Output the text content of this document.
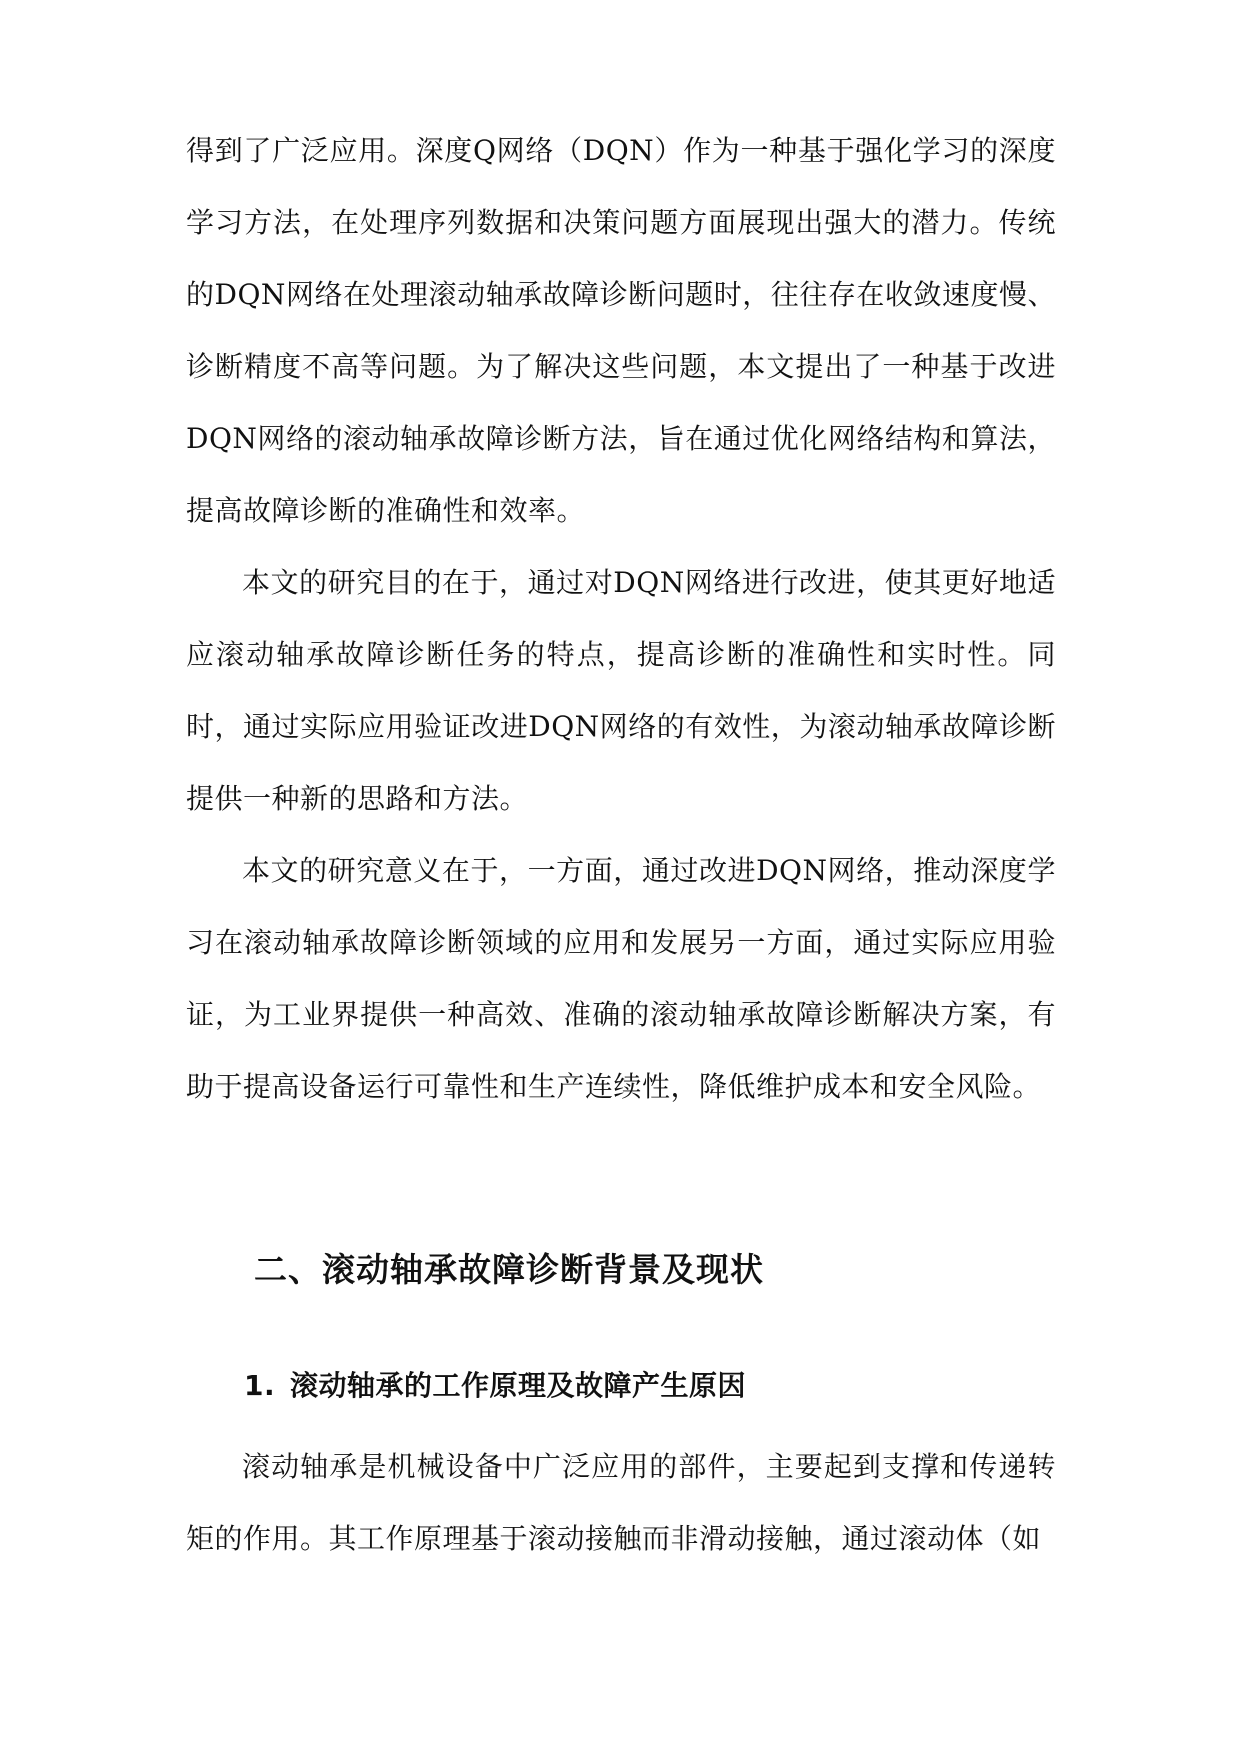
得到了广泛应用。深度Q网络（DQN）作为一种基于强化学习的深度学习方法，在处理序列数据和决策问题方面展现出强大的潜力。传统的DQN网络在处理滚动轴承故障诊断问题时，往往存在收敛速度慢、诊断精度不高等问题。为了解决这些问题，本文提出了一种基于改进DQN网络的滚动轴承故障诊断方法，旨在通过优化网络结构和算法，提高故障诊断的准确性和效率。

本文的研究目的在于，通过对DQN网络进行改进，使其更好地适应滚动轴承故障诊断任务的特点，提高诊断的准确性和实时性。同时，通过实际应用验证改进DQN网络的有效性，为滚动轴承故障诊断提供一种新的思路和方法。

本文的研究意义在于，一方面，通过改进DQN网络，推动深度学习在滚动轴承故障诊断领域的应用和发展另一方面，通过实际应用验证，为工业界提供一种高效、准确的滚动轴承故障诊断解决方案，有助于提高设备运行可靠性和生产连续性，降低维护成本和安全风险。

二、滚动轴承故障诊断背景及现状
1. 滚动轴承的工作原理及故障产生原因

滚动轴承是机械设备中广泛应用的部件，主要起到支撑和传递转矩的作用。其工作原理基于滚动接触而非滑动接触，通过滚动体（如
